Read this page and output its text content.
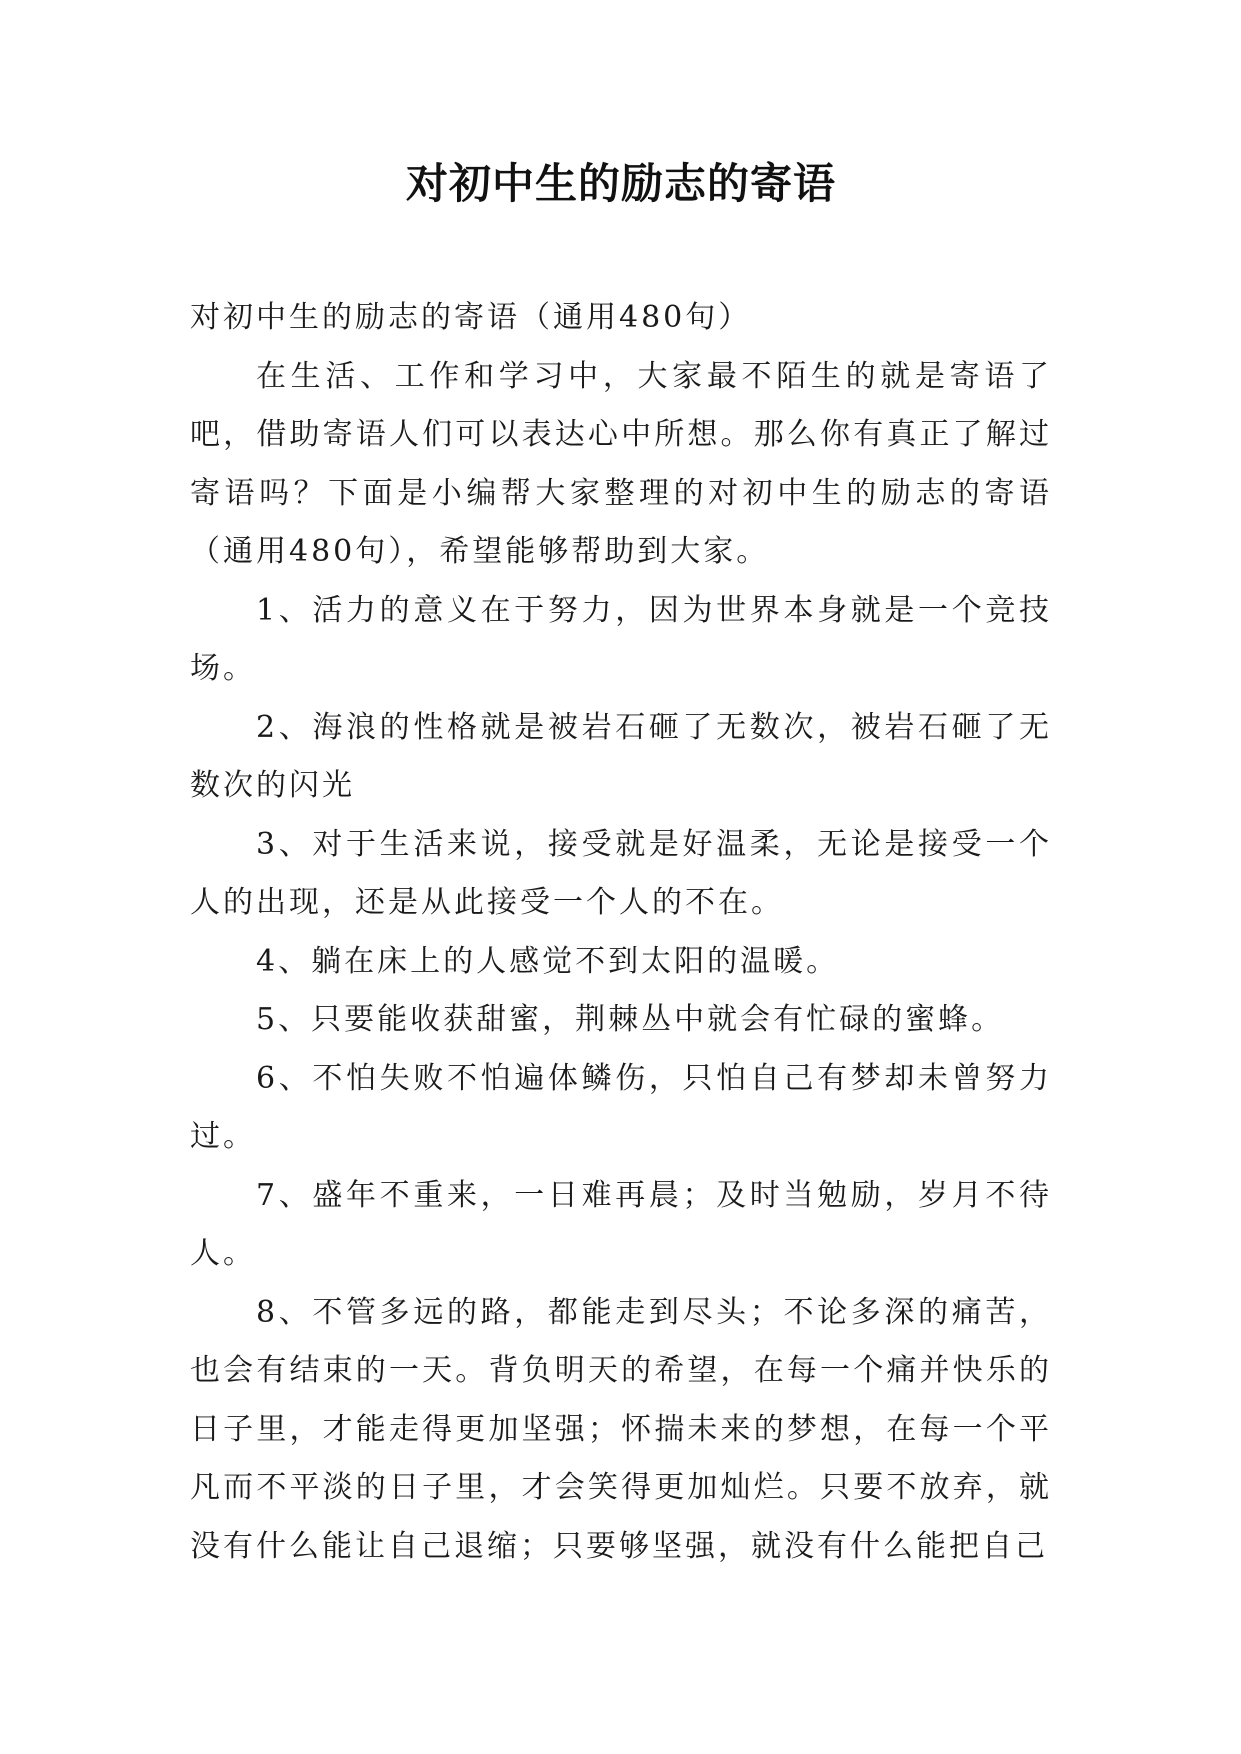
对初中生的励志的寄语

对初中生的励志的寄语（通用480句）

在生活、工作和学习中，大家最不陌生的就是寄语了吧，借助寄语人们可以表达心中所想。那么你有真正了解过寄语吗？下面是小编帮大家整理的对初中生的励志的寄语（通用480句），希望能够帮助到大家。

1、活力的意义在于努力，因为世界本身就是一个竞技场。

2、海浪的性格就是被岩石砸了无数次，被岩石砸了无数次的闪光

3、对于生活来说，接受就是好温柔，无论是接受一个人的出现，还是从此接受一个人的不在。

4、躺在床上的人感觉不到太阳的温暖。

5、只要能收获甜蜜，荆棘丛中就会有忙碌的蜜蜂。

6、不怕失败不怕遍体鳞伤，只怕自己有梦却未曾努力过。

7、盛年不重来，一日难再晨；及时当勉励，岁月不待人。

8、不管多远的路，都能走到尽头；不论多深的痛苦，也会有结束的一天。背负明天的希望，在每一个痛并快乐的日子里，才能走得更加坚强；怀揣未来的梦想，在每一个平凡而不平淡的日子里，才会笑得更加灿烂。只要不放弃，就没有什么能让自己退缩；只要够坚强，就没有什么能把自己
